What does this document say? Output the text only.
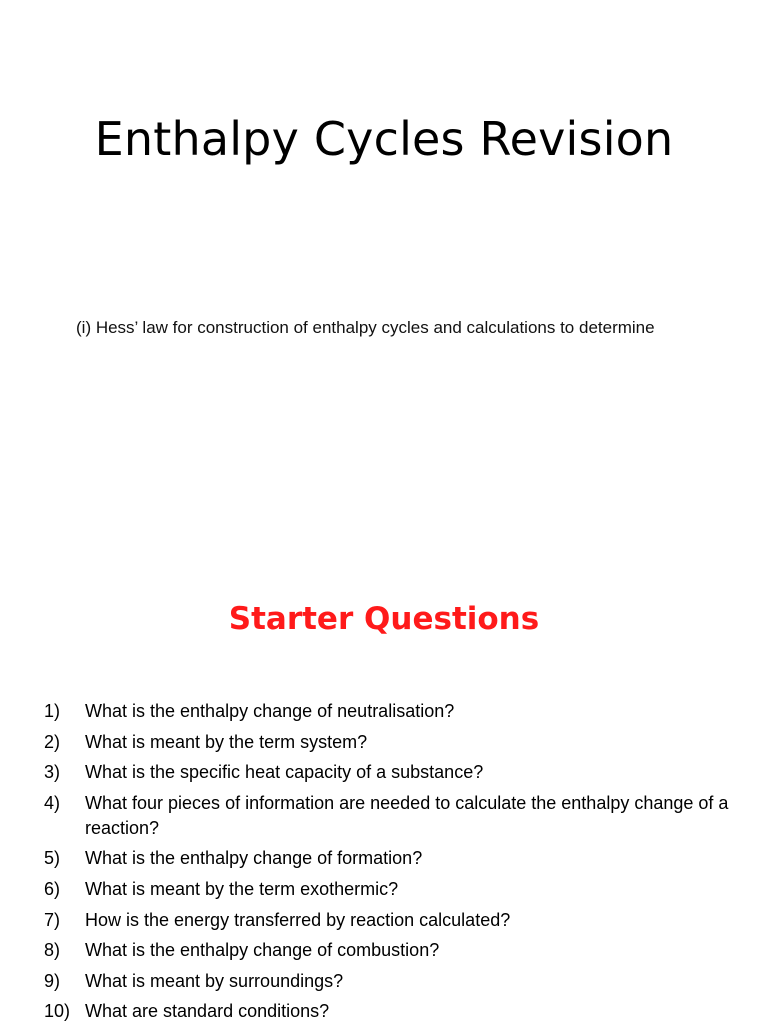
Enthalpy Cycles Revision
(i) Hess’ law for construction of enthalpy cycles and calculations to determine
Starter Questions
1)	What is the enthalpy change of neutralisation?
2)	What is meant by the term system?
3)	What is the specific heat capacity of a substance?
4)	What four pieces of information are needed to calculate the enthalpy change of a reaction?
5)	What is the enthalpy change of formation?
6)	What is meant by the term exothermic?
7)	How is the energy transferred by reaction calculated?
8)	What is the enthalpy change of combustion?
9)	What is meant by surroundings?
10) What are standard conditions?
